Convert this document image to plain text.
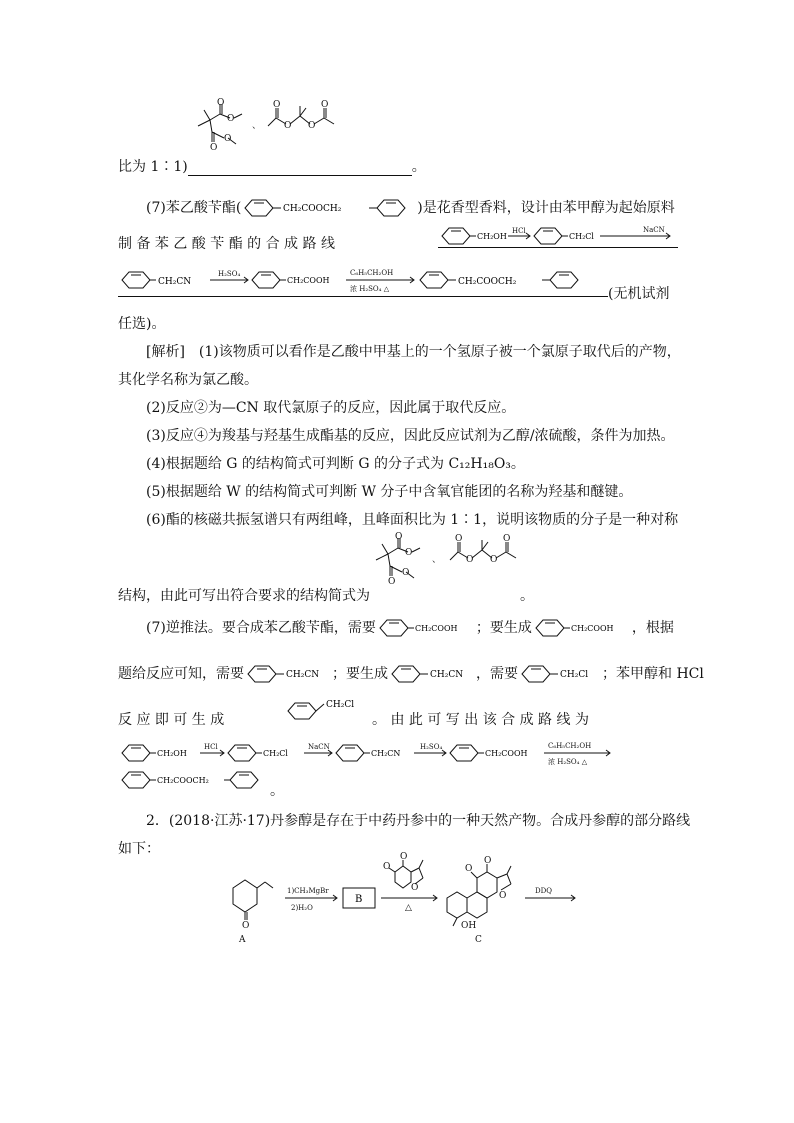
O
O
O
O
、
O
O O
O
比为 1∶1)	。
(7)苯乙酸苄酯(	CH₂COOCH₂	)是花香型香料，设计由苯甲醇为起始原料
制 备 苯 乙 酸 苄 酯 的 合 成 路 线	CH₂OH
HCl
CH₂Cl
NaCN
CH₂CN
H₂SO₄
CH₂COOH
C₆H₅CH₂OH
浓 H₂SO₄ △
CH₂COOCH₂
(无机试剂
任选)。
[解析]　(1)该物质可以看作是乙酸中甲基上的一个氢原子被一个氯原子取代后的产物，
其化学名称为氯乙酸。
(2)反应②为—CN 取代氯原子的反应，因此属于取代反应。
(3)反应④为羧基与羟基生成酯基的反应，因此反应试剂为乙醇/浓硫酸，条件为加热。
(4)根据题给 G 的结构简式可判断 G 的分子式为 C₁₂H₁₈O₃。
(5)根据题给 W 的结构简式可判断 W 分子中含氧官能团的名称为羟基和醚键。
(6)酯的核磁共振氢谱只有两组峰，且峰面积比为 1∶1，说明该物质的分子是一种对称
O
O
O
O
、
O
O O
O
结构，由此可写出符合要求的结构简式为	。
(7)逆推法。要合成苯乙酸苄酯，需要	CH₂COOH ；要生成	CH₂COOH ，根据
题给反应可知，需要	CH₂CN ；要生成	CH₂CN ，需要	CH₂Cl ；苯甲醇和 HCl
反 应 即 可 生 成
CH₂Cl
。 由 此 可 写 出 该 合 成 路 线 为
CH₂OH
HCl
CH₂Cl
NaCN
CH₂CN
H₂SO₄
CH₂COOH
C₆H₅CH₂OH
浓 H₂SO₄ △
CH₂COOCH₂
。
2．(2018·江苏·17)丹参醇是存在于中药丹参中的一种天然产物。合成丹参醇的部分路线
如下：
O
A
1)CH₃MgBr
2)H₂O
B
△
O
O
O
O
O
O
OH
C
DDQ
